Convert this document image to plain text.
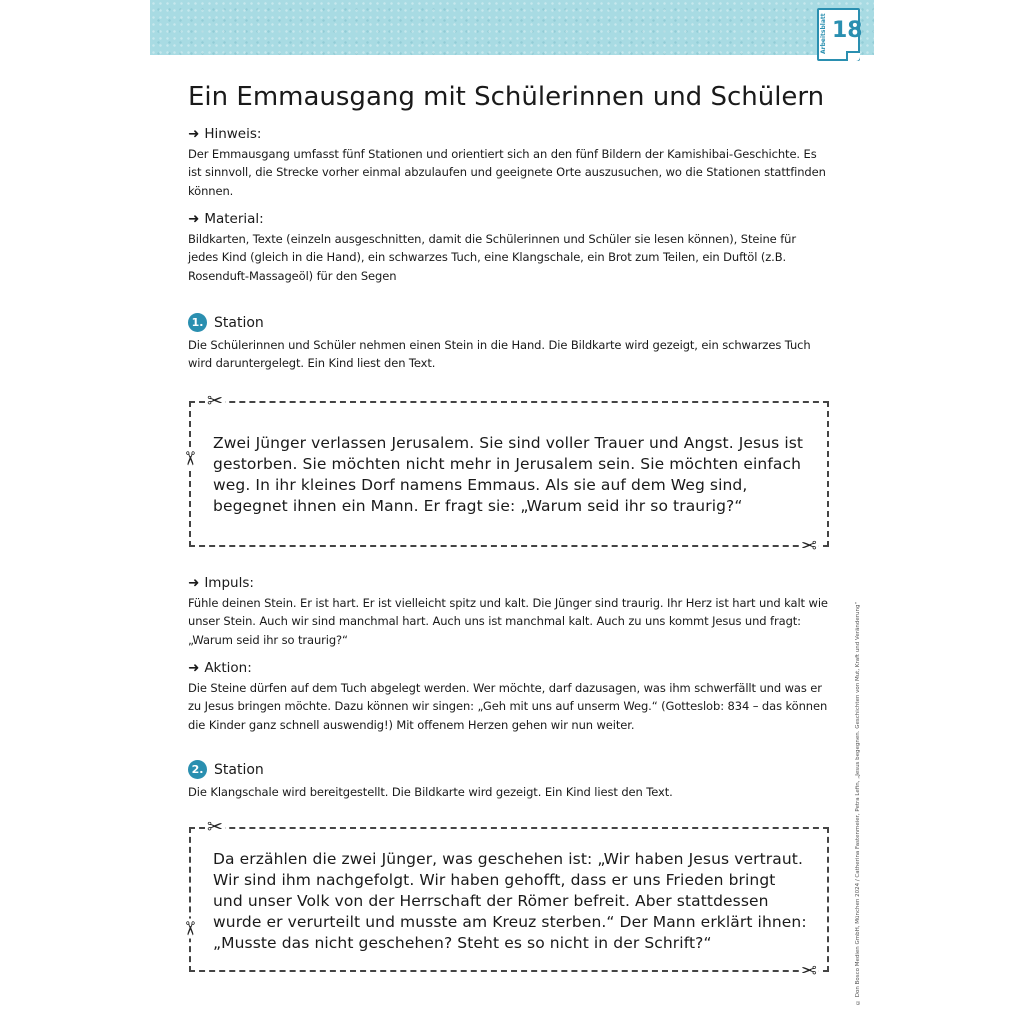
Arbeitsblatt 18
Ein Emmausgang mit Schülerinnen und Schülern

➜ Hinweis:

Der Emmausgang umfasst fünf Stationen und orientiert sich an den fünf Bildern der Kamishibai-Geschichte. Es ist sinnvoll, die Strecke vorher einmal abzulaufen und geeignete Orte auszusuchen, wo die Stationen stattfinden können.

➜ Material:

Bildkarten, Texte (einzeln ausgeschnitten, damit die Schülerinnen und Schüler sie lesen können), Steine für jedes Kind (gleich in die Hand), ein schwarzes Tuch, eine Klangschale, ein Brot zum Teilen, ein Duftöl (z.B. Rosenduft-Massageöl) für den Segen

1. Station

Die Schülerinnen und Schüler nehmen einen Stein in die Hand. Die Bildkarte wird gezeigt, ein schwarzes Tuch wird daruntergelegt. Ein Kind liest den Text.

Zwei Jünger verlassen Jerusalem. Sie sind voller Trauer und Angst. Jesus ist gestorben. Sie möchten nicht mehr in Jerusalem sein. Sie möchten einfach weg. In ihr kleines Dorf namens Emmaus. Als sie auf dem Weg sind, begegnet ihnen ein Mann. Er fragt sie: „Warum seid ihr so traurig?“

✂
✂
✂

➜ Impuls:

Fühle deinen Stein. Er ist hart. Er ist vielleicht spitz und kalt. Die Jünger sind traurig. Ihr Herz ist hart und kalt wie unser Stein. Auch wir sind manchmal hart. Auch uns ist manchmal kalt. Auch zu uns kommt Jesus und fragt: „Warum seid ihr so traurig?“

➜ Aktion:

Die Steine dürfen auf dem Tuch abgelegt werden. Wer möchte, darf dazusagen, was ihm schwerfällt und was er zu Jesus bringen möchte. Dazu können wir singen: „Geh mit uns auf unserm Weg.“ (Gotteslob: 834 – das können die Kinder ganz schnell auswendig!) Mit offenem Herzen gehen wir nun weiter.

2. Station

Die Klangschale wird bereitgestellt. Die Bildkarte wird gezeigt. Ein Kind liest den Text.

Da erzählen die zwei Jünger, was geschehen ist: „Wir haben Jesus vertraut. Wir sind ihm nachgefolgt. Wir haben gehofft, dass er uns Frieden bringt und unser Volk von der Herrschaft der Römer befreit. Aber stattdessen wurde er verurteilt und musste am Kreuz sterben.“ Der Mann erklärt ihnen: „Musste das nicht geschehen? Steht es so nicht in der Schrift?“

✂
✂
✂	© Don Bosco Medien GmbH, München 2024 / Catherina Fastenmeier, Petra Lefin, „Jesus begegnen. Geschichten von Mut, Kraft und Veränderung“
